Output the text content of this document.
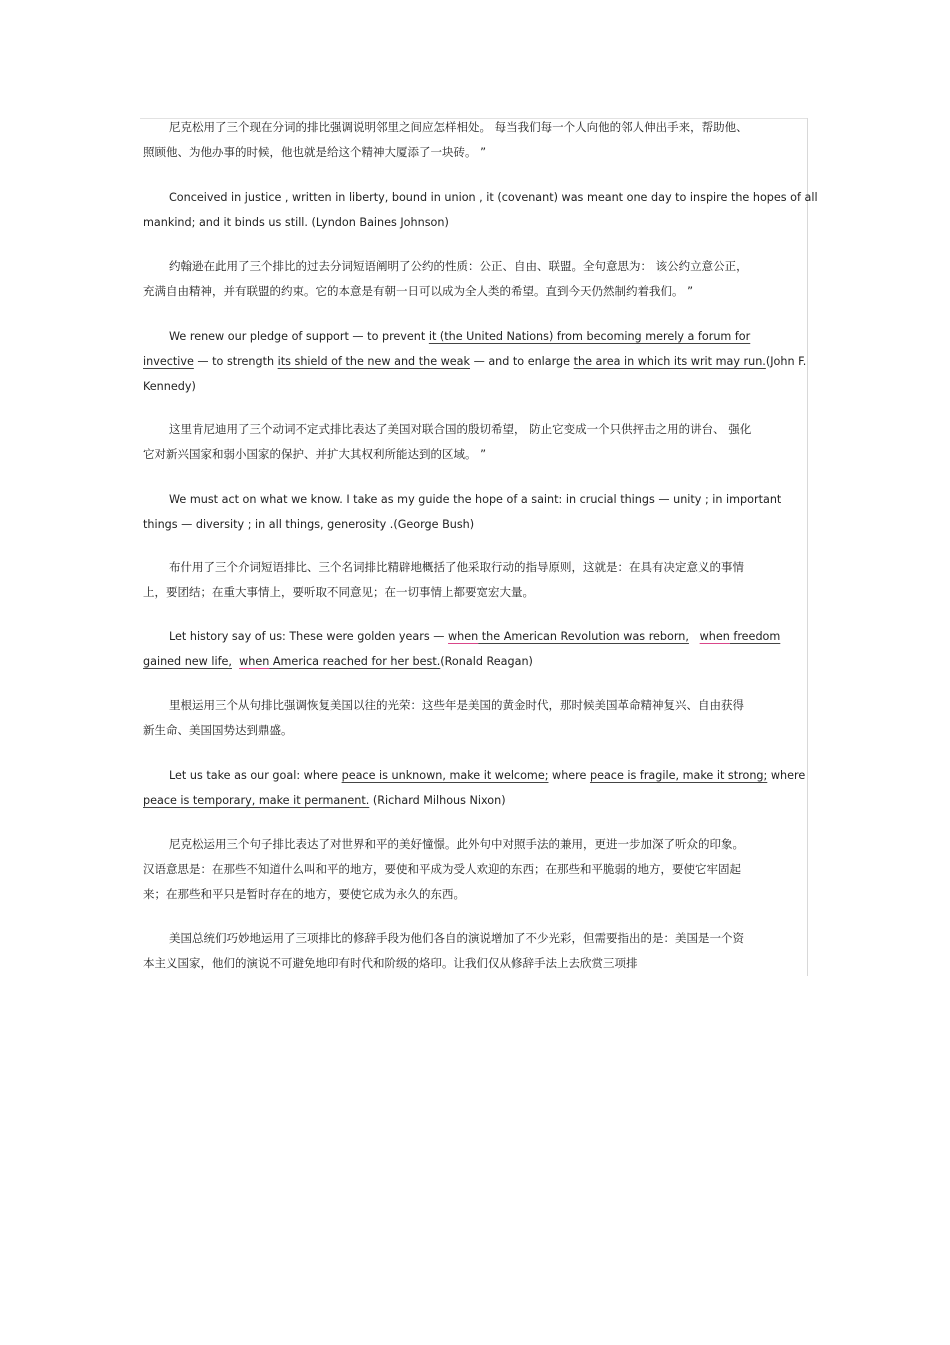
尼克松用了三个现在分词的排比强调说明邻里之间应怎样相处。 每当我们每一个人向他的邻人伸出手来，帮助他、
照顾他、为他办事的时候，他也就是给这个精神大厦添了一块砖。 ”
Conceived in justice , written in liberty, bound in union , it (covenant) was meant one day to inspire the hopes of all
mankind; and it binds us still. (Lyndon Baines Johnson)
约翰逊在此用了三个排比的过去分词短语阐明了公约的性质：公正、自由、联盟。全句意思为： 该公约立意公正，
充满自由精神，并有联盟的约束。它的本意是有朝一日可以成为全人类的希望。直到今天仍然制约着我们。 ”
We renew our pledge of support — to prevent it (the United Nations) from becoming merely a forum for
invective — to strength its shield of the new and the weak — and to enlarge the area in which its writ may run.(John F.
Kennedy)
这里肯尼迪用了三个动词不定式排比表达了美国对联合国的殷切希望， 防止它变成一个只供抨击之用的讲台、 强化
它对新兴国家和弱小国家的保护、并扩大其权利所能达到的区域。 ”
We must act on what we know. I take as my guide the hope of a saint: in crucial things — unity ; in important
things — diversity ; in all things, generosity .(George Bush)
布什用了三个介词短语排比、三个名词排比精辟地概括了他采取行动的指导原则，这就是：在具有决定意义的事情
上，要团结；在重大事情上，要听取不同意见；在一切事情上都要宽宏大量。
Let history say of us: These were golden years — when the American Revolution was reborn, when freedom
gained new life, when America reached for her best.(Ronald Reagan)
里根运用三个从句排比强调恢复美国以往的光荣：这些年是美国的黄金时代，那时候美国革命精神复兴、自由获得
新生命、美国国势达到鼎盛。
Let us take as our goal: where peace is unknown, make it welcome; where peace is fragile, make it strong; where
peace is temporary, make it permanent. (Richard Milhous Nixon)
尼克松运用三个句子排比表达了对世界和平的美好憧憬。此外句中对照手法的兼用，更进一步加深了听众的印象。
汉语意思是：在那些不知道什么叫和平的地方，要使和平成为受人欢迎的东西；在那些和平脆弱的地方，要使它牢固起
来；在那些和平只是暂时存在的地方，要使它成为永久的东西。
美国总统们巧妙地运用了三项排比的修辞手段为他们各自的演说增加了不少光彩，但需要指出的是：美国是一个资
本主义国家，他们的演说不可避免地印有时代和阶级的烙印。让我们仅从修辞手法上去欣赏三项排
